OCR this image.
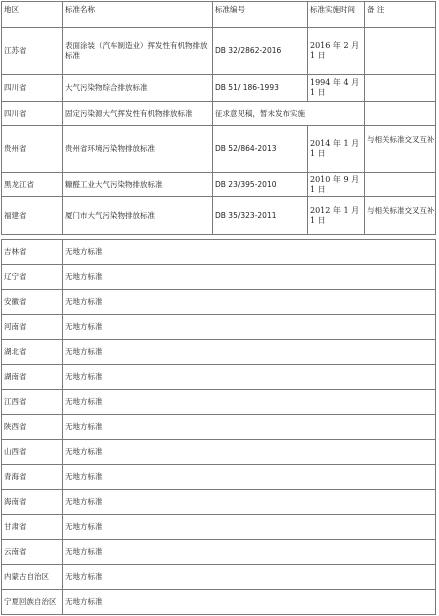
地区	标准名称	标准编号	标准实施时间	备 注
江苏省	表面涂装（汽车制造业）挥发性有机物排放标准	DB 32/2862-2016	2016 年 2 月 1 日	
四川省	大气污染物综合排放标准	DB 51/ 186-1993	1994 年 4 月 1 日	
四川省	固定污染源大气挥发性有机物排放标准	征求意见稿，暂未发布实施		
贵州省	贵州省环境污染物排放标准	DB 52/864-2013	2014 年 1 月 1 日	与相关标准交叉互补
黑龙江省	糠醛工业大气污染物排放标准	DB 23/395-2010	2010 年 9 月 1 日	
福建省	厦门市大气污染物排放标准	DB 35/323-2011	2012 年 1 月 1 日	与相关标准交叉互补
吉林省	无地方标准
辽宁省	无地方标准
安徽省	无地方标准
河南省	无地方标准
湖北省	无地方标准
湖南省	无地方标准
江西省	无地方标准
陕西省	无地方标准
山西省	无地方标准
青海省	无地方标准
海南省	无地方标准
甘肃省	无地方标准
云南省	无地方标准
内蒙古自治区	无地方标准
宁夏回族自治区	无地方标准
